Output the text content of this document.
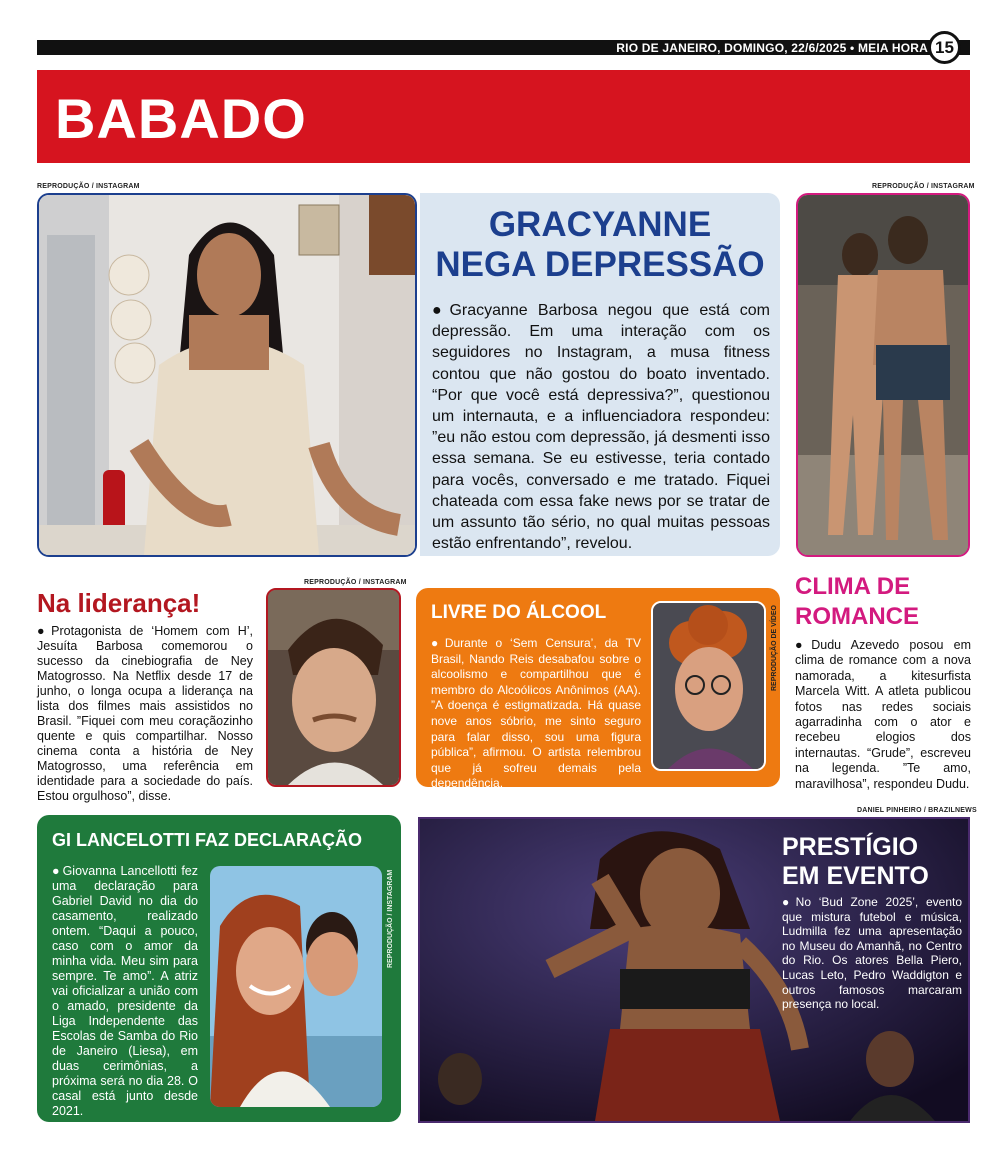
RIO DE JANEIRO, DOMINGO, 22/6/2025 • MEIA HORA 15
BABADO
REPRODUÇÃO / INSTAGRAM
GRACYANNE
NEGA DEPRESSÃO
● Gracyanne Barbosa negou que está com depressão. Em uma interação com os seguidores no Instagram, a musa fitness contou que não gostou do boato inventado. “Por que você está depressiva?”, questionou um internauta, e a influenciadora respondeu: ”eu não estou com depressão, já desmenti isso essa semana. Se eu estivesse, teria contado para vocês, conversado e me tratado. Fiquei chateada com essa fake news por se tratar de um assunto tão sério, no qual muitas pessoas estão enfrentando”, revelou.
REPRODUÇÃO / INSTAGRAM
Na liderança!
● Protagonista de ‘Homem com H’, Jesuíta Barbosa comemorou o sucesso da cinebiografia de Ney Matogrosso. Na Netflix desde 17 de junho, o longa ocupa a liderança na lista dos filmes mais assistidos no Brasil. ”Fiquei com meu coraçãozinho quente e quis compartilhar. Nosso cinema conta a história de Ney Matogrosso, uma referência em identidade para a sociedade do país. Estou orgulhoso”, disse.
REPRODUÇÃO / INSTAGRAM
LIVRE DO ÁLCOOL
● Durante o ‘Sem Censura’, da TV Brasil, Nando Reis desabafou sobre o alcoolismo e compartilhou que é membro do Alcoólicos Anônimos (AA). ”A doença é estigmatizada. Há quase nove anos sóbrio, me sinto seguro para falar disso, sou uma figura pública”, afirmou. O artista relembrou que já sofreu demais pela dependência.
REPRODUÇÃO DE VÍDEO
CLIMA DE
ROMANCE
● Dudu Azevedo posou em clima de romance com a nova namorada, a kitesurfista Marcela Witt. A atleta publicou fotos nas redes sociais agarradinha com o ator e recebeu elogios dos internautas. “Grude”, escreveu na legenda. ”Te amo, maravilhosa”, respondeu Dudu.
GI LANCELOTTI FAZ DECLARAÇÃO
● Giovanna Lancellotti fez uma declaração para Gabriel David no dia do casamento, realizado ontem. “Daqui a pouco, caso com o amor da minha vida. Meu sim para sempre. Te amo”. A atriz vai oficializar a união com o amado, presidente da Liga Independente das Escolas de Samba do Rio de Janeiro (Liesa), em duas cerimônias, a próxima será no dia 28. O casal está junto desde 2021.
REPRODUÇÃO / INSTAGRAM
DANIEL PINHEIRO / BRAZILNEWS
PRESTÍGIO
EM EVENTO
● No ‘Bud Zone 2025’, evento que mistura futebol e música, Ludmilla fez uma apresentação no Museu do Amanhã, no Centro do Rio. Os atores Bella Piero, Lucas Leto, Pedro Waddigton e outros famosos marcaram presença no local.
